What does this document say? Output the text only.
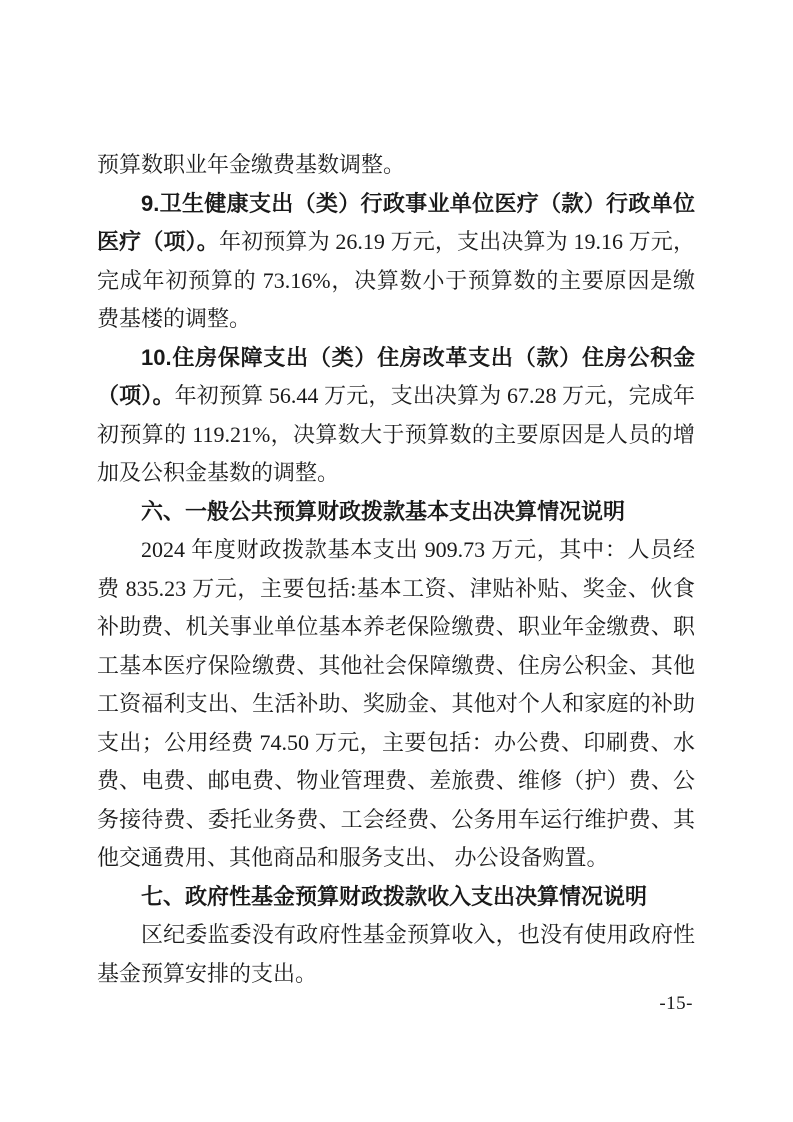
预算数职业年金缴费基数调整。

9.卫生健康支出（类）行政事业单位医疗（款）行政单位医疗（项）。年初预算为 26.19 万元，支出决算为 19.16 万元，完成年初预算的 73.16%，决算数小于预算数的主要原因是缴费基楼的调整。

10.住房保障支出（类）住房改革支出（款）住房公积金（项）。年初预算 56.44 万元，支出决算为 67.28 万元，完成年初预算的 119.21%，决算数大于预算数的主要原因是人员的增加及公积金基数的调整。

六、一般公共预算财政拨款基本支出决算情况说明

2024 年度财政拨款基本支出 909.73 万元，其中：人员经费 835.23 万元，主要包括:基本工资、津贴补贴、奖金、伙食补助费、机关事业单位基本养老保险缴费、职业年金缴费、职工基本医疗保险缴费、其他社会保障缴费、住房公积金、其他工资福利支出、生活补助、奖励金、其他对个人和家庭的补助支出；公用经费 74.50 万元，主要包括：办公费、印刷费、水费、电费、邮电费、物业管理费、差旅费、维修（护）费、公务接待费、委托业务费、工会经费、公务用车运行维护费、其他交通费用、其他商品和服务支出、 办公设备购置。

七、政府性基金预算财政拨款收入支出决算情况说明

区纪委监委没有政府性基金预算收入，也没有使用政府性基金预算安排的支出。

-15-
